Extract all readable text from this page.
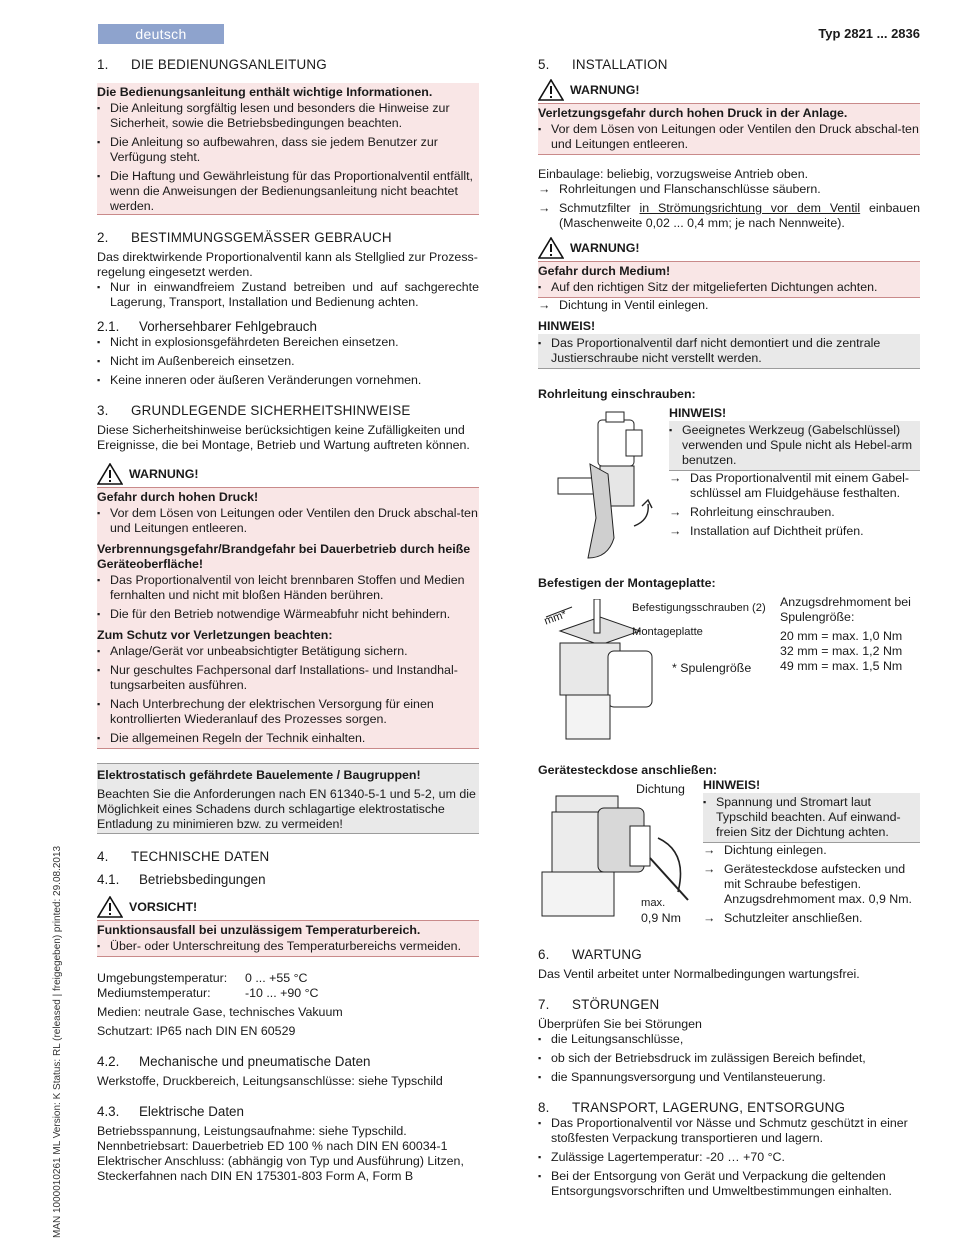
deutsch	Typ 2821 ... 2836
MAN 1000010261 ML Version: K Status: RL (released | freigegeben) printed: 29.08.2013
1. DIE BEDIENUNGSANLEITUNG
Die Bedienungsanleitung enthält wichtige Informationen.
▪ Die Anleitung sorgfältig lesen und besonders die Hinweise zur Sicherheit, sowie die Betriebsbedingungen beachten.
▪ Die Anleitung so aufbewahren, dass sie jedem Benutzer zur Verfügung steht.
▪ Die Haftung und Gewährleistung für das Proportionalventil entfällt, wenn die Anweisungen der Bedienungsanleitung nicht beachtet werden.
2. BESTIMMUNGSGEMÄSSER GEBRAUCH

Das direktwirkende Proportionalventil kann als Stellglied zur Prozess-regelung eingesetzt werden.

▪ Nur in einwandfreiem Zustand betreiben und auf sachgerechte Lagerung, Transport, Installation und Bedienung achten.
2.1. Vorhersehbarer Fehlgebrauch
▪ Nicht in explosionsgefährdeten Bereichen einsetzen.
▪ Nicht im Außenbereich einsetzen.
▪ Keine inneren oder äußeren Veränderungen vornehmen.
3. GRUNDLEGENDE SICHERHEITSHINWEISE

Diese Sicherheitshinweise berücksichtigen keine Zufälligkeiten und Ereignisse, die bei Montage, Betrieb und Wartung auftreten können.

WARNUNG!
Gefahr durch hohen Druck!
▪ Vor dem Lösen von Leitungen oder Ventilen den Druck abschal-ten und Leitungen entleeren.
Verbrennungsgefahr/Brandgefahr bei Dauerbetrieb durch heiße Geräteoberfläche!
▪ Das Proportionalventil von leicht brennbaren Stoffen und Medien fernhalten und nicht mit bloßen Händen berühren.
▪ Die für den Betrieb notwendige Wärmeabfuhr nicht behindern.
Zum Schutz vor Verletzungen beachten:
▪ Anlage/Gerät vor unbeabsichtigter Betätigung sichern.
▪ Nur geschultes Fachpersonal darf Installations- und Instandhal-tungsarbeiten ausführen.
▪ Nach Unterbrechung der elektrischen Versorgung für einen kontrollierten Wiederanlauf des Prozesses sorgen.
▪ Die allgemeinen Regeln der Technik einhalten.
Elektrostatisch gefährdete Bauelemente / Baugruppen!

Beachten Sie die Anforderungen nach EN 61340-5-1 und 5-2, um die Möglichkeit eines Schadens durch schlagartige elektrostatische Entladung zu minimieren bzw. zu vermeiden!

4. TECHNISCHE DATEN
4.1. Betriebsbedingungen
VORSICHT!
Funktionsausfall bei unzulässigem Temperaturbereich.
▪ Über- oder Unterschreitung des Temperaturbereichs vermeiden.
Umgebungstemperatur: 0 ... +55 °C
Mediumstemperatur:	-10 ... +90 °C

Medien: neutrale Gase, technisches Vakuum

Schutzart: IP65 nach DIN EN 60529

4.2. Mechanische und pneumatische Daten

Werkstoffe, Druckbereich, Leitungsanschlüsse: siehe Typschild

4.3. Elektrische Daten

Betriebsspannung, Leistungsaufnahme: siehe Typschild.

Nennbetriebsart: Dauerbetrieb ED 100 % nach DIN EN 60034-1

Elektrischer Anschluss: (abhängig von Typ und Ausführung) Litzen, Steckerfahnen nach DIN EN 175301-803 Form A, Form B

5. INSTALLATION
WARNUNG!
Verletzungsgefahr durch hohen Druck in der Anlage.
▪ Vor dem Lösen von Leitungen oder Ventilen den Druck abschal-ten und Leitungen entleeren.

Einbaulage: beliebig, vorzugsweise Antrieb oben.

→ Rohrleitungen und Flanschanschlüsse säubern.
→ Schmutzfilter in Strömungsrichtung vor dem Ventil einbauen (Maschenweite 0,02 ... 0,4 mm; je nach Nennweite).
WARNUNG!
Gefahr durch Medium!
▪ Auf den richtigen Sitz der mitgelieferten Dichtungen achten.
→ Dichtung in Ventil einlegen.
HINWEIS!
▪ Das Proportionalventil darf nicht demontiert und die zentrale Justierschraube nicht verstellt werden.
Rohrleitung einschrauben:
HINWEIS!
▪ Geeignetes Werkzeug (Gabelschlüssel) verwenden und Spule nicht als Hebel-arm benutzen.
→ Das Proportionalventil mit einem Gabel-schlüssel am Fluidgehäuse festhalten.
→ Rohrleitung einschrauben.
→ Installation auf Dichtheit prüfen.
Befestigen der Montageplatte:
Befestigungsschrauben (2)
Montageplatte
mm*
* Spulengröße

Anzugsdrehmoment bei Spulengröße:

20 mm = max. 1,0 Nm

32 mm = max. 1,2 Nm

49 mm = max. 1,5 Nm

Gerätesteckdose anschließen:
Dichtung
max.
0,9 Nm
HINWEIS!
▪ Spannung und Stromart laut Typschild beachten. Auf einwand-freien Sitz der Dichtung achten.
→ Dichtung einlegen.
→ Gerätesteckdose aufstecken und mit Schraube befestigen. Anzugsdrehmoment max. 0,9 Nm.
→ Schutzleiter anschließen.
6. WARTUNG

Das Ventil arbeitet unter Normalbedingungen wartungsfrei.

7. STÖRUNGEN

Überprüfen Sie bei Störungen

▪ die Leitungsanschlüsse,
▪ ob sich der Betriebsdruck im zulässigen Bereich befindet,
▪ die Spannungsversorgung und Ventilansteuerung.
8. TRANSPORT, LAGERUNG, ENTSORGUNG
▪ Das Proportionalventil vor Nässe und Schmutz geschützt in einer stoßfesten Verpackung transportieren und lagern.
▪ Zulässige Lagertemperatur: -20 … +70 °C.
▪ Bei der Entsorgung von Gerät und Verpackung die geltenden Entsorgungsvorschriften und Umweltbestimmungen einhalten.
